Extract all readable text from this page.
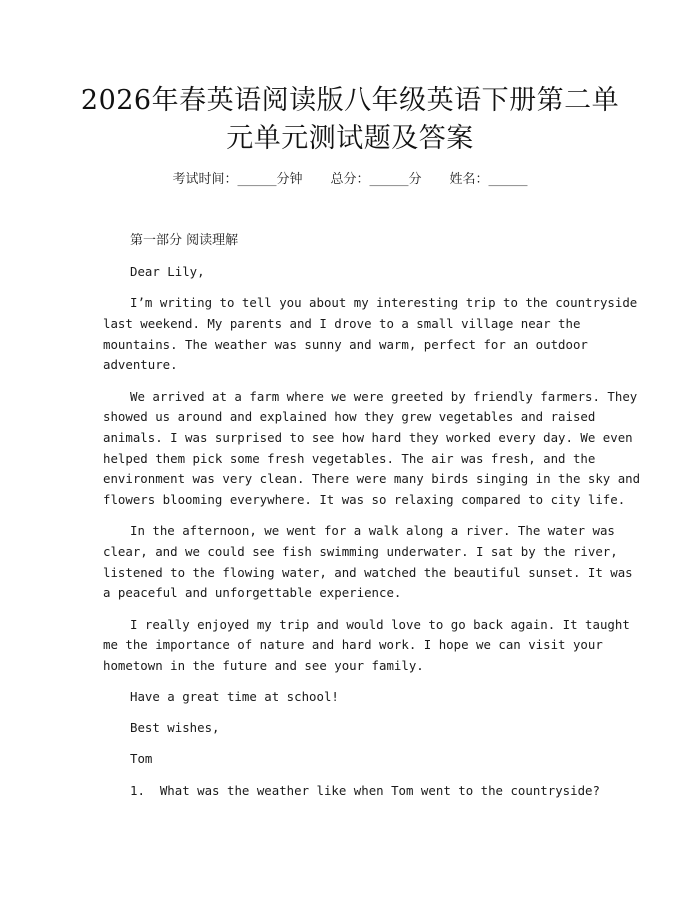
2026年春英语阅读版八年级英语下册第二单
元单元测试题及答案
考试时间：______分钟 总分：______分 姓名：______
第一部分 阅读理解
Dear Lily,
I’m writing to tell you about my interesting trip to the countryside
last weekend. My parents and I drove to a small village near the
mountains. The weather was sunny and warm, perfect for an outdoor
adventure.
We arrived at a farm where we were greeted by friendly farmers. They
showed us around and explained how they grew vegetables and raised
animals. I was surprised to see how hard they worked every day. We even
helped them pick some fresh vegetables. The air was fresh, and the
environment was very clean. There were many birds singing in the sky and
flowers blooming everywhere. It was so relaxing compared to city life.
In the afternoon, we went for a walk along a river. The water was
clear, and we could see fish swimming underwater. I sat by the river,
listened to the flowing water, and watched the beautiful sunset. It was
a peaceful and unforgettable experience.
I really enjoyed my trip and would love to go back again. It taught
me the importance of nature and hard work. I hope we can visit your
hometown in the future and see your family.
Have a great time at school!
Best wishes,
Tom
1. What was the weather like when Tom went to the countryside?
